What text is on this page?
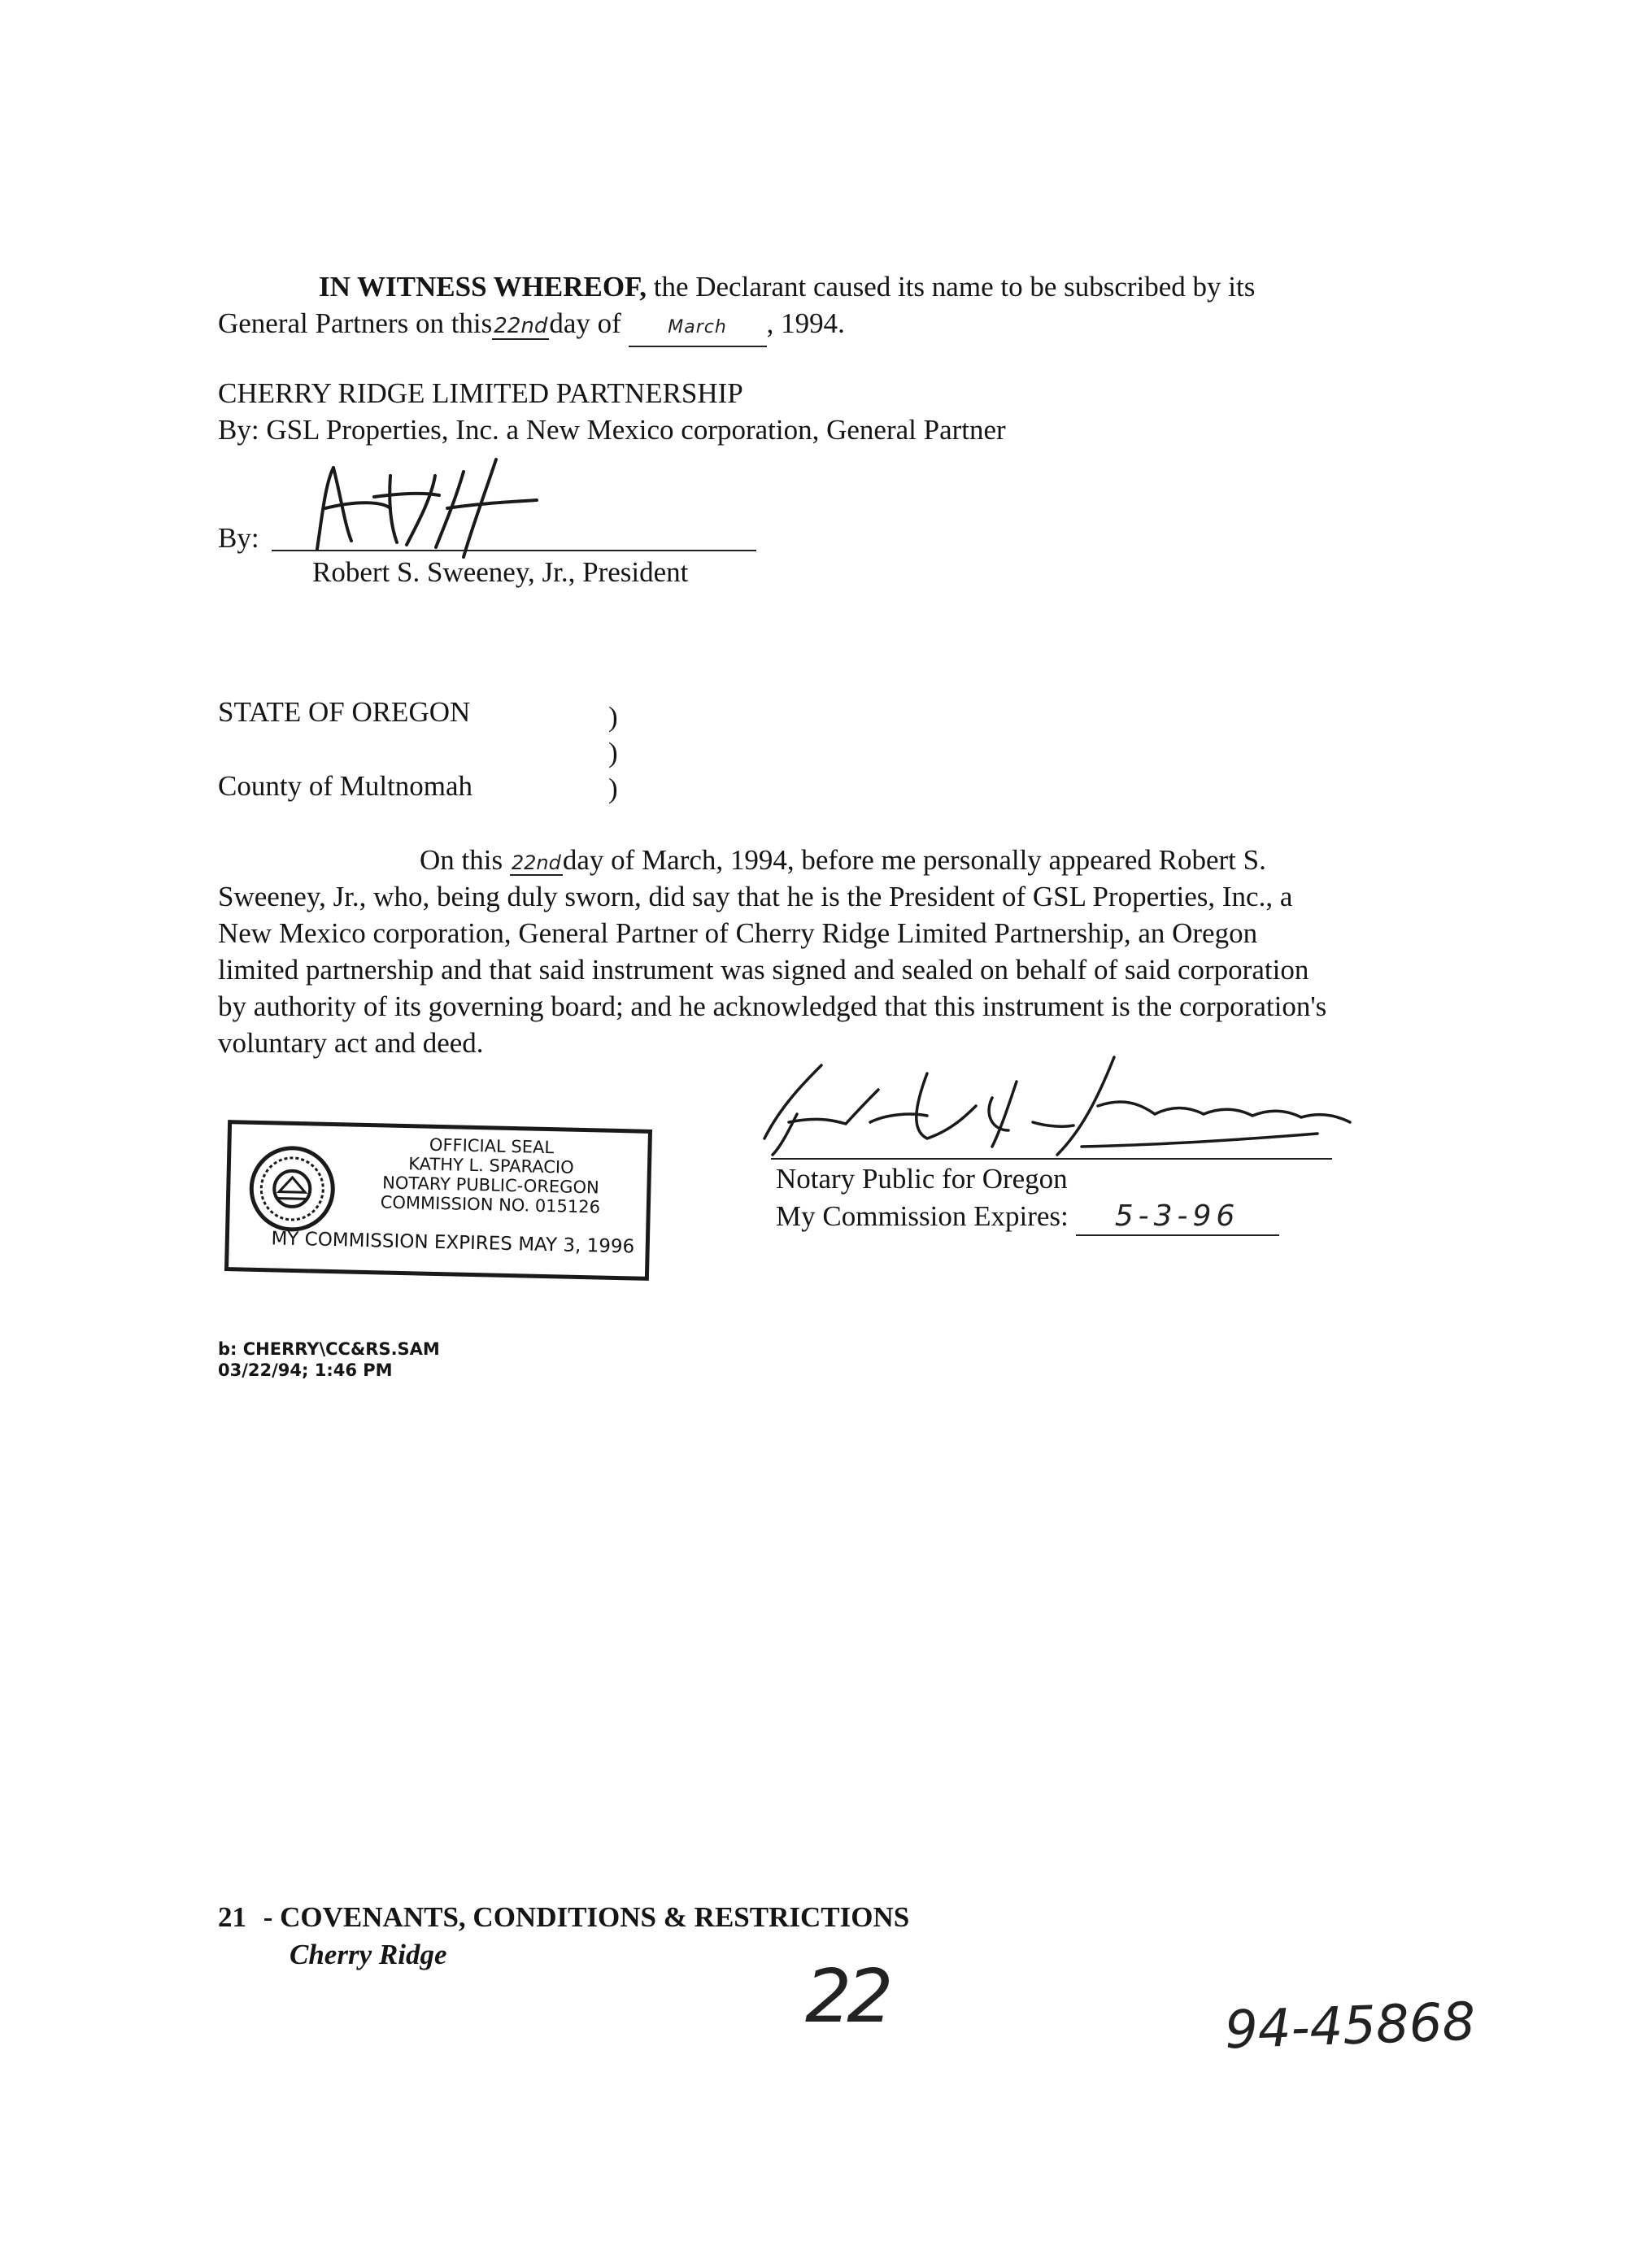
IN WITNESS WHEREOF, the Declarant caused its name to be subscribed by its
General Partners on this22ndday of	March , 1994.
CHERRY RIDGE LIMITED PARTNERSHIP
By: GSL Properties, Inc. a New Mexico corporation, General Partner
By:
Robert S. Sweeney, Jr., President
STATE OF OREGON	)
)
County of Multnomah	)
On this 22ndday of March, 1994, before me personally appeared Robert S.
Sweeney, Jr., who, being duly sworn, did say that he is the President of GSL Properties, Inc., a
New Mexico corporation, General Partner of Cherry Ridge Limited Partnership, an Oregon
limited partnership and that said instrument was signed and sealed on behalf of said corporation
by authority of its governing board; and he acknowledged that this instrument is the corporation's
voluntary act and deed.
OFFICIAL SEAL
KATHY L. SPARACIO
NOTARY PUBLIC-OREGON
COMMISSION NO. 015126
MY COMMISSION EXPIRES MAY 3, 1996
Notary Public for Oregon
My Commission Expires: 5-3-96
b: CHERRY\CC&RS.SAM
03/22/94; 1:46 PM
21 - COVENANTS, CONDITIONS & RESTRICTIONS
Cherry Ridge	22	94-45868
